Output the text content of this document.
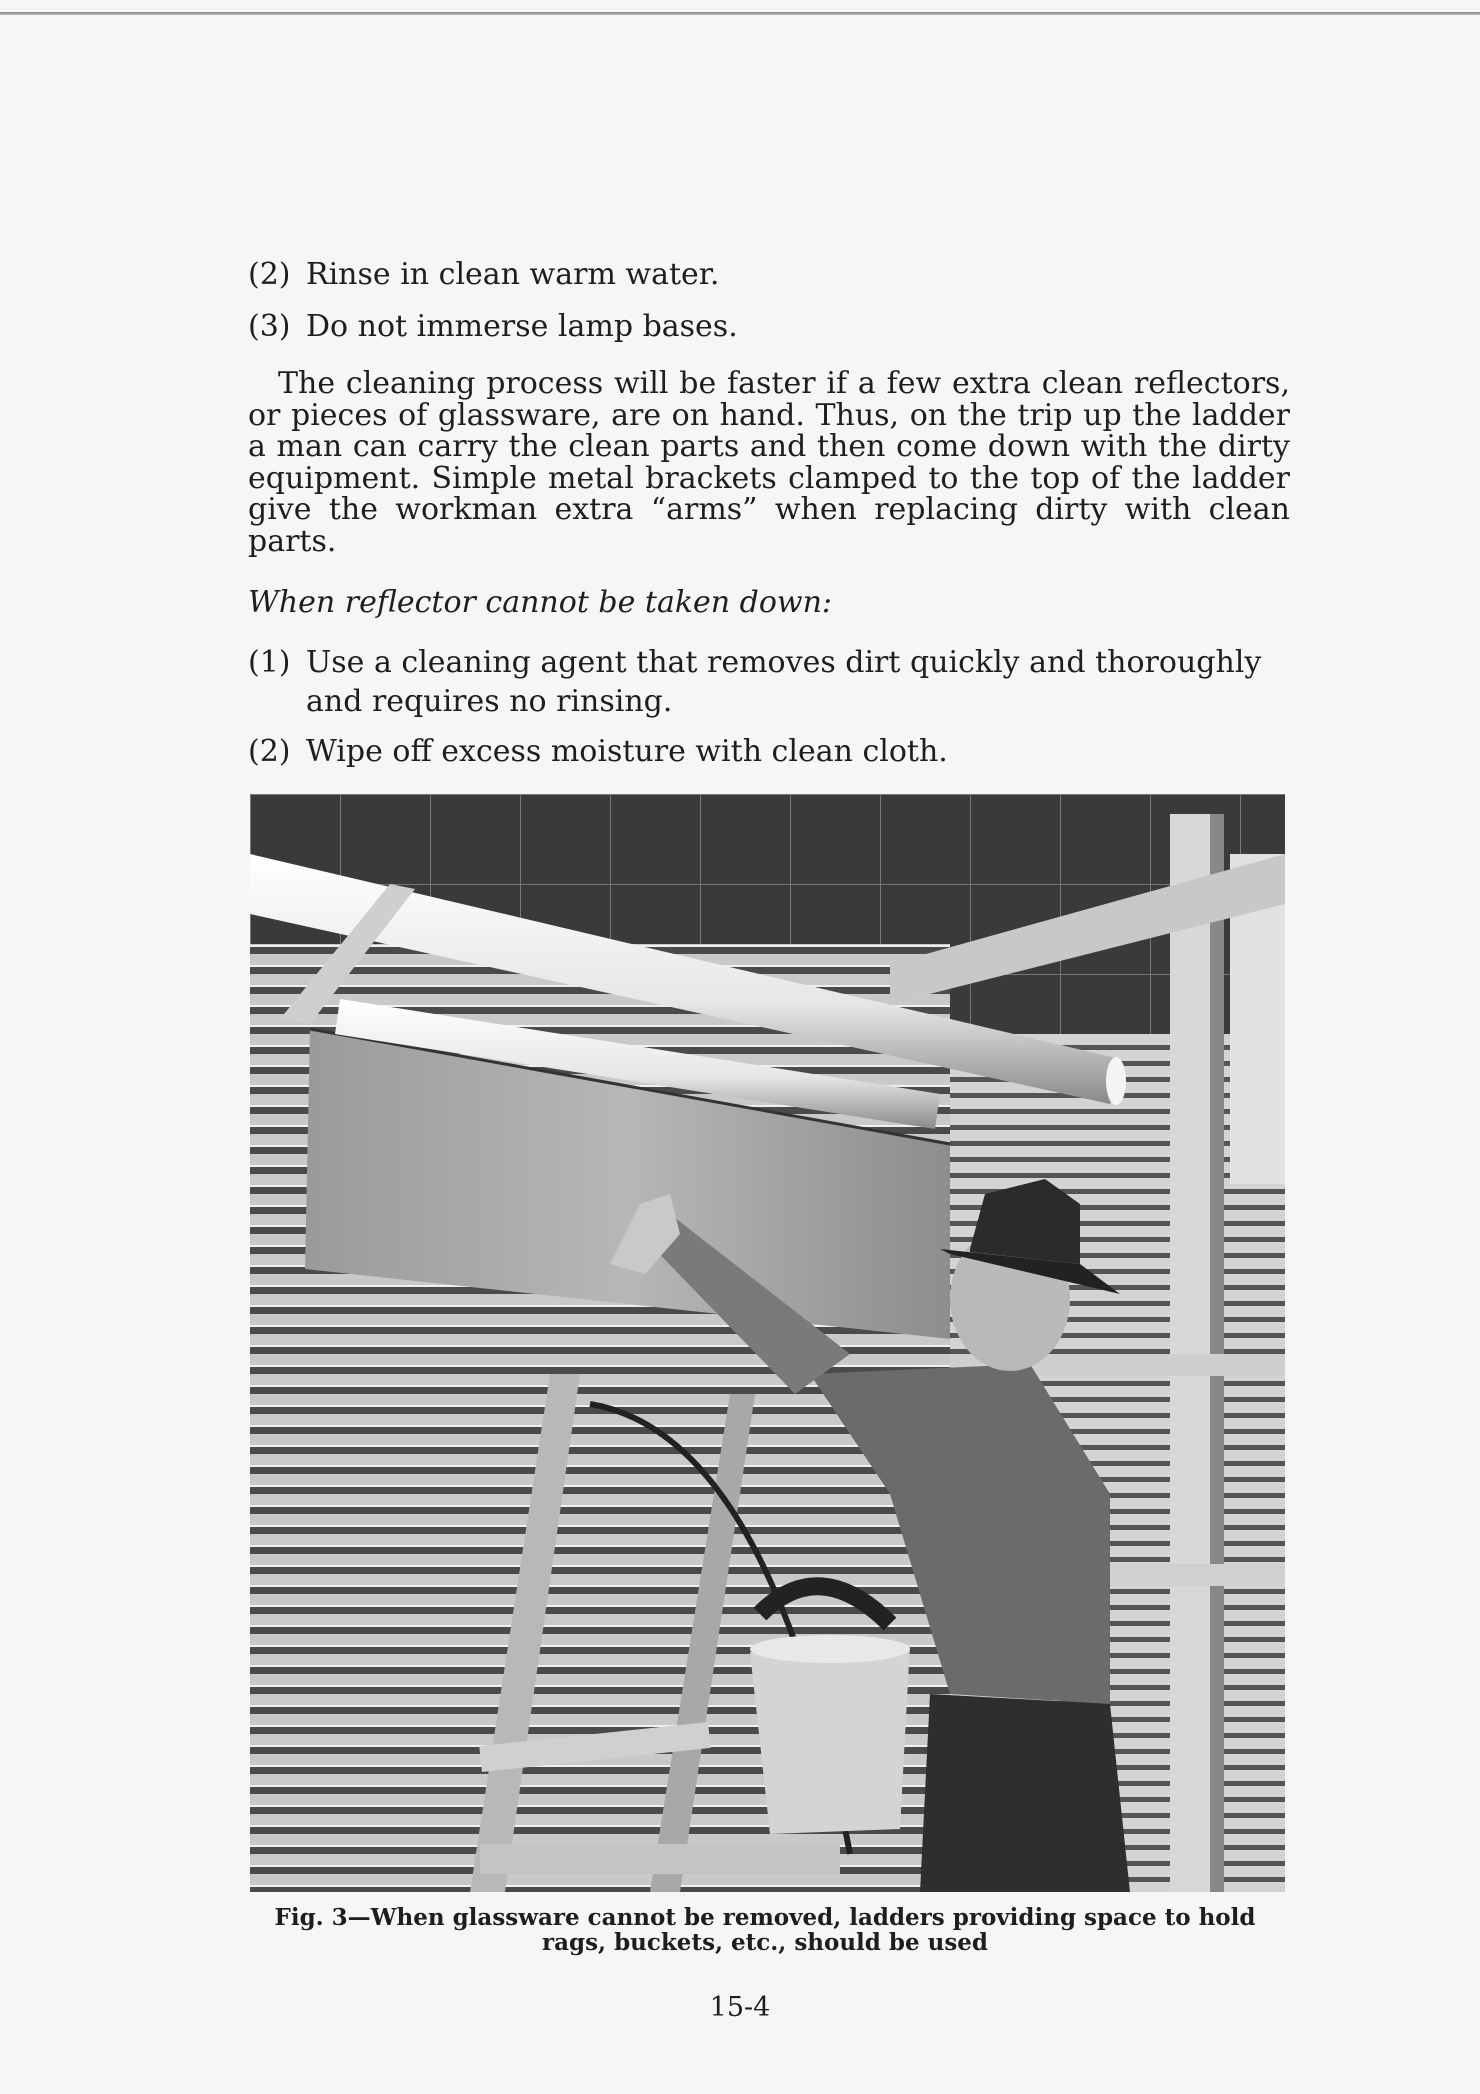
(2) Rinse in clean warm water.
(3) Do not immerse lamp bases.

The cleaning process will be faster if a few extra clean reflectors, or pieces of glassware, are on hand. Thus, on the trip up the ladder a man can carry the clean parts and then come down with the dirty equipment. Simple metal brackets clamped to the top of the ladder give the workman extra “arms” when replacing dirty with clean parts.

When reflector cannot be taken down:

(1) Use a cleaning agent that removes dirt quickly and thoroughly and requires no rinsing.
(2) Wipe off excess moisture with clean cloth.
Fig. 3—When glassware cannot be removed, ladders providing space to hold rags, buckets, etc., should be used
15-4
